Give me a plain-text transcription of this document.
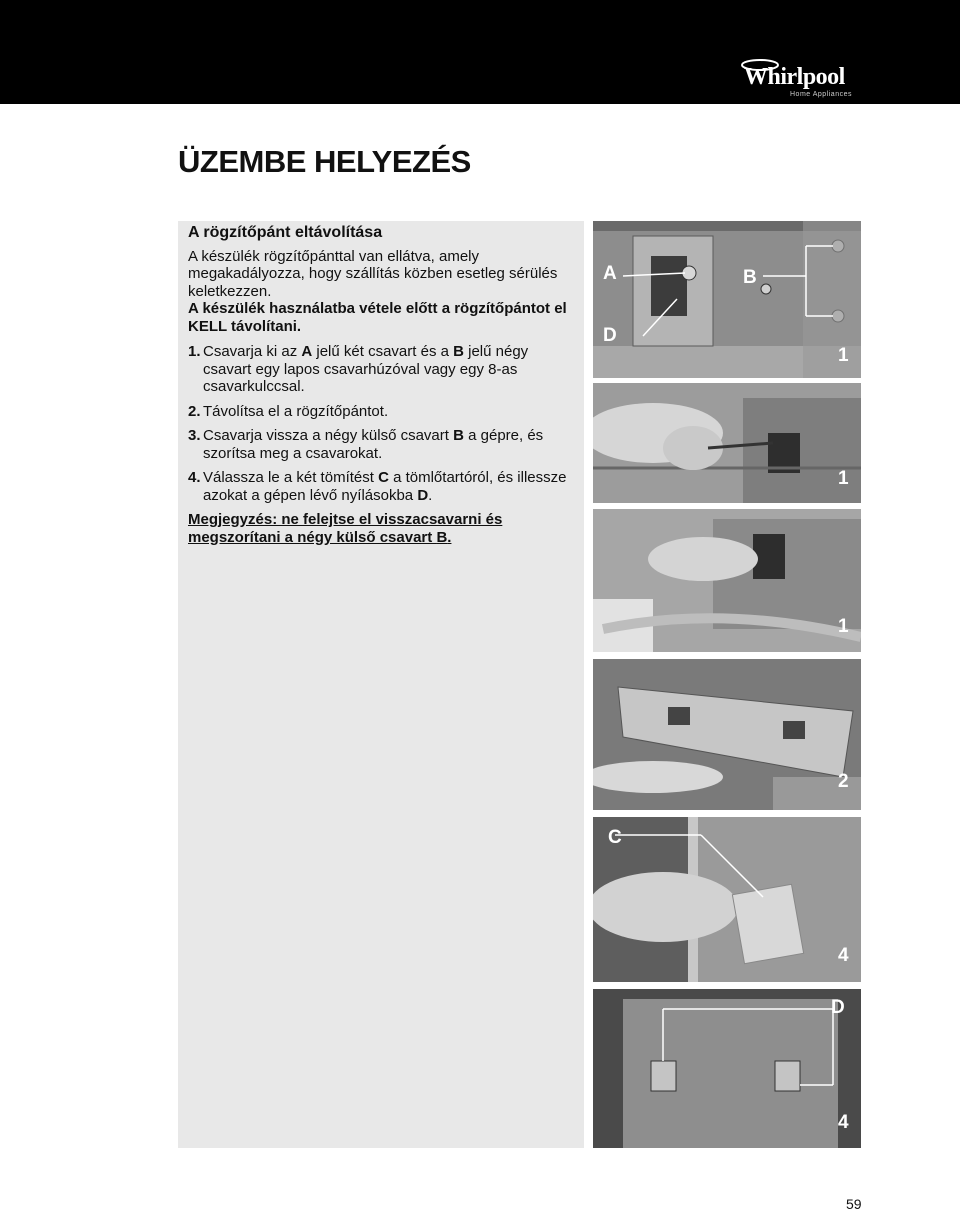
Whirlpool
Home Appliances
ÜZEMBE HELYEZÉS
A rögzítőpánt eltávolítása

A készülék rögzítőpánttal van ellátva, amely megakadályozza, hogy szállítás közben esetleg sérülés keletkezzen.

A készülék használatba vétele előtt a rögzítőpántot el KELL távolítani.

1. Csavarja ki az A jelű két csavart és a B jelű négy csavart egy lapos csavarhúzóval vagy egy 8-as csavarkulccsal.
2. Távolítsa el a rögzítőpántot.
3. Csavarja vissza a négy külső csavart B a gépre, és szorítsa meg a csavarokat.
4. Válassza le a két tömítést C a tömlőtartóról, és illessze azokat a gépen lévő nyílásokba D.
Megjegyzés: ne felejtse el visszacsavarni és megszorítani a négy külső csavart B.
A	B
D
1
1
1
2
C
4
D
4
59
